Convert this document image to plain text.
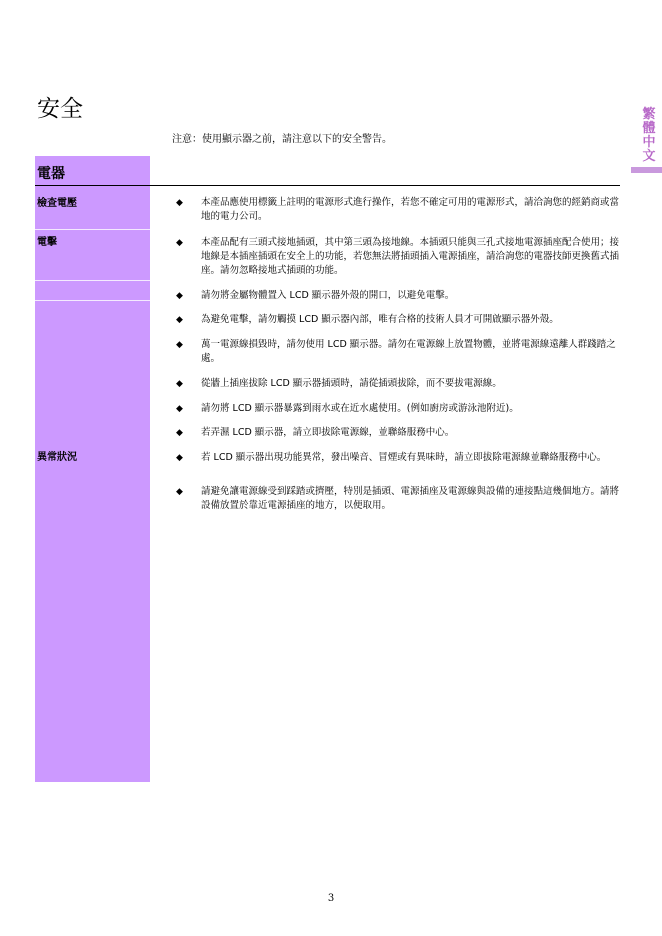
安全
注意：使用顯示器之前，請注意以下的安全警告。
繁
體
中
文
電器
檢查電壓
電擊
異常狀況
◆ 本產品應使用標籤上註明的電源形式進行操作，若您不確定可用的電源形式，請洽詢您的經銷商或當地的電力公司。
◆ 本產品配有三頭式接地插頭，其中第三頭為接地線。本插頭只能與三孔式接地電源插座配合使用；接地線是本插座插頭在安全上的功能，若您無法將插頭插入電源插座，請洽詢您的電器技師更換舊式插座。請勿忽略接地式插頭的功能。
◆ 請勿將金屬物體置入 LCD 顯示器外殼的開口，以避免電擊。
◆ 為避免電擊，請勿觸摸 LCD 顯示器內部，唯有合格的技術人員才可開啟顯示器外殼。
◆ 萬一電源線損毀時，請勿使用 LCD 顯示器。請勿在電源線上放置物體，並將電源線遠離人群踐踏之處。
◆ 從牆上插座拔除 LCD 顯示器插頭時，請從插頭拔除，而不要拔電源線。
◆ 請勿將 LCD 顯示器暴露到雨水或在近水處使用。(例如廚房或游泳池附近)。
◆ 若弄濕 LCD 顯示器，請立即拔除電源線，並聯絡服務中心。
◆ 若 LCD 顯示器出現功能異常，發出噪音、冒煙或有異味時，請立即拔除電源線並聯絡服務中心。
◆ 請避免讓電源線受到踩踏或擠壓，特別是插頭、電源插座及電源線與設備的連接點這幾個地方。請將設備放置於靠近電源插座的地方，以便取用。
3
